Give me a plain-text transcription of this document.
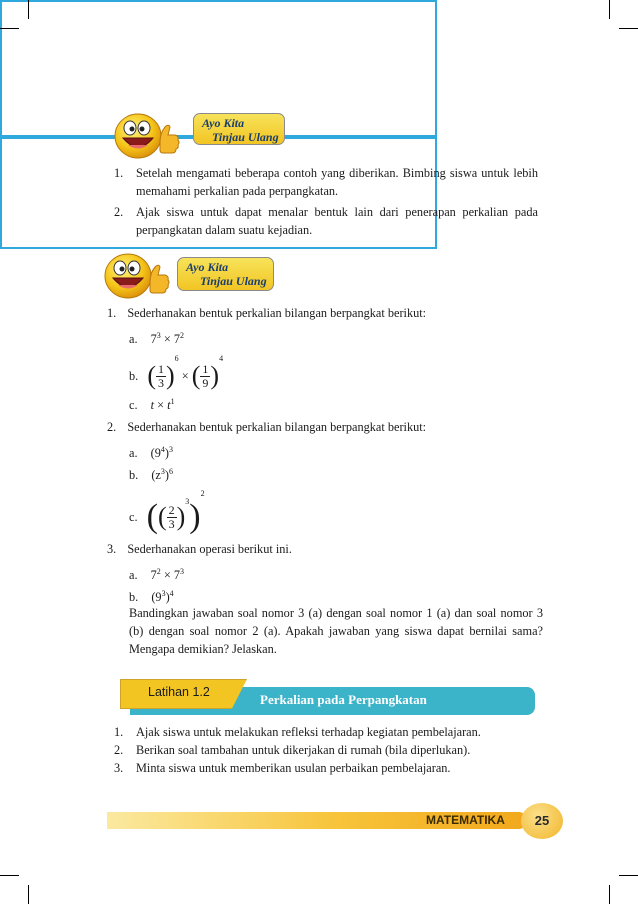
Ayo Kita
Tinjau Ulang
1. Setelah mengamati beberapa contoh yang diberikan. Bimbing siswa untuk lebih memahami perkalian pada perpangkatan.
2. Ajak siswa untuk dapat menalar bentuk lain dari penerapan perkalian pada perpangkatan dalam suatu kejadian.
Ayo Kita
Tinjau Ulang
1. Sederhanakan bentuk perkalian bilangan berpangkat berikut:
a. $7^3 \times 7^2$
b. ( $\frac{1}{3} )^6$ × ( $\frac{1}{9} )^4$
c. $t \times t^1$
2. Sederhanakan bentuk perkalian bilangan berpangkat berikut:
a. $(9^4)^3$
b. $(z^3)^6$
c. (( $\frac{2}{3} )^3)^2$
3. Sederhanakan operasi berikut ini.
a. $7^2 \times 7^3$
b. $(9^3)^4$
Bandingkan jawaban soal nomor 3 (a) dengan soal nomor 1 (a) dan soal nomor 3 (b) dengan soal nomor 2 (a). Apakah jawaban yang siswa dapat bernilai sama? Mengapa demikian? Jelaskan.
Perkalian pada Perpangkatan
Latihan 1.2
1. Ajak siswa untuk melakukan refleksi terhadap kegiatan pembelajaran.
2. Berikan soal tambahan untuk dikerjakan di rumah (bila diperlukan).
3. Minta siswa untuk memberikan usulan perbaikan pembelajaran.
MATEMATIKA	25
